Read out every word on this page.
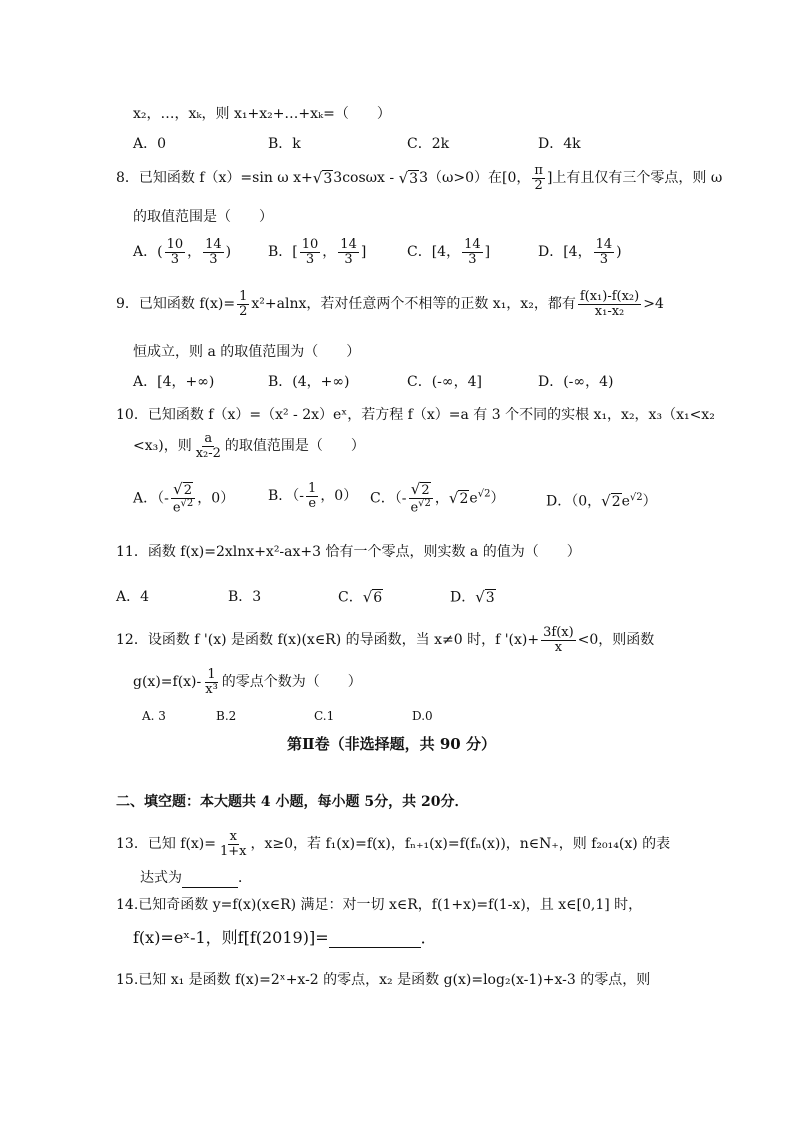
x₂，…，xₖ，则 x₁+x₂+…+xₖ=（　　）
A．0	B．k	C．2k	D．4k
8．已知函数 f（x）=sin ω x+√33cosωx - √33（ω>0）在[0， $\frac{\pi}{2}$ ]上有且仅有三个零点，则 ω
的取值范围是（　　）
A．( $\frac{10}{3}$ ， $\frac{14}{3}$ )	B．[ $\frac{10}{3}$ ， $\frac{14}{3}$ ]	C．[4， $\frac{14}{3}$ ]	D．[4， $\frac{14}{3}$ )
9．已知函数 $f(x)= \frac{1}{2} x^2+alnx$，若对任意两个不相等的正数 x₁，x₂，都有 $\frac{\text{f(x₁)-f(x₂)}}{\text{x₁-x₂}} >4$
恒成立，则 a 的取值范围为（　　）
A．[4，+∞)	B．(4，+∞)	C．(-∞，4]	D．(-∞，4)
10．已知函数 f（x）=（x² - 2x）eˣ，若方程 f（x）=a 有 3 个不同的实根 x₁，x₂，x₃（x₁<x₂
<x₃)，则 $\frac{a}{\text{x₂-2}}$ 的取值范围是（　　）
A．（- $\frac{√2}{e^{√2}}$ ，0） B．（- $\frac{1}{e}$ ，0） C．（- $\frac{√2}{e^{√2}}$ ，$√2e^{√2}$）	D．（0，$√2e^{√2}$）
11．函数 f(x)=2xlnx+x²-ax+3 恰有一个零点，则实数 a 的值为（　　）
A．4	B．3	C．√6	D．√3
12．设函数 f '(x) 是函数 f(x)(x∈R) 的导函数，当 x≠0 时，f '$(x)+ \frac{3f(x)}{x} <0$，则函数
$g(x)=f(x)- \frac{1}{\text{x³}}$ 的零点个数为（　　）
A. 3	B.2	C.1	D.0
第Ⅱ卷（非选择题，共 90 分）
二、填空题：本大题共 4 小题，每小题 5分，共 20分．
13．已知 $f(x)= \frac{x}{1+x}$ ，x≥0，若 f₁(x)=f(x)，fₙ₊₁(x)=f(fₙ(x))，n∈N₊，则 f₂₀₁₄(x) 的表
达式为	．
14.已知奇函数 y=f(x)(x∈R) 满足：对一切 x∈R，f(1+x)=f(1-x)，且 x∈[0,1] 时，
f(x)=eˣ-1，则f[f(2019)]=	．
15.已知 x₁ 是函数 f(x)=2ˣ+x-2 的零点，x₂ 是函数 g(x)=log₂(x-1)+x-3 的零点，则
